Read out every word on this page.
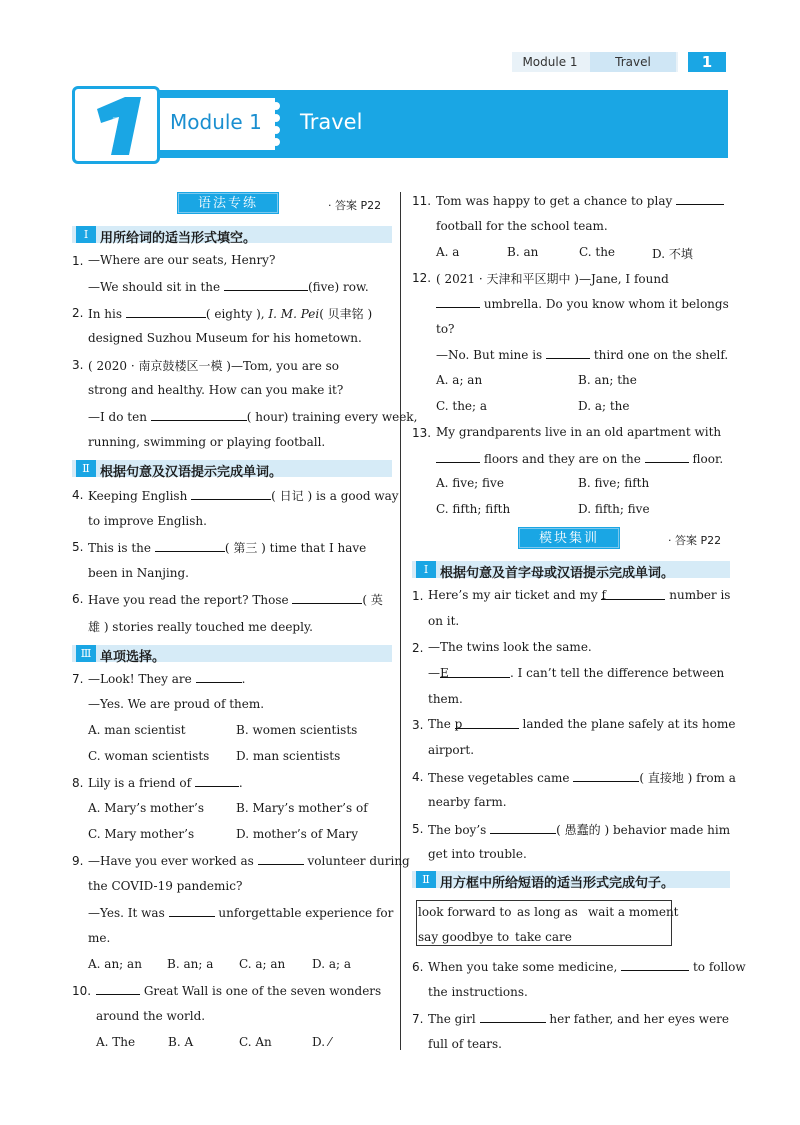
Module 1	Travel	1
Module 1 Travel
语法专练	· 答案 P22
Ⅰ 用所给词的适当形式填空。
1. —Where are our seats, Henry?
—We should sit in the	(five) row.
2. In his	( eighty ), I. M. Pei( 贝聿铭 )
designed Suzhou Museum for his hometown.
3. ( 2020 · 南京鼓楼区一模 )—Tom, you are so
strong and healthy. How can you make it?
—I do ten	( hour) training every week,
running, swimming or playing football.
Ⅱ 根据句意及汉语提示完成单词。
4. Keeping English	( 日记 ) is a good way
to improve English.
5. This is the	( 第三 ) time that I have
been in Nanjing.
6. Have you read the report? Those	( 英
雄 ) stories really touched me deeply.
Ⅲ 单项选择。
7. —Look! They are	.
—Yes. We are proud of them.
A. man scientist	B. women scientists
C. woman scientists D. man scientists
8. Lily is a friend of	.
A. Mary’s mother’s	B. Mary’s mother’s of
C. Mary mother’s	D. mother’s of Mary
9. —Have you ever worked as	volunteer during
the COVID-19 pandemic?
—Yes. It was	unforgettable experience for
me.
A. an; an B. an; a C. a; an D. a; a
10.	Great Wall is one of the seven wonders
around the world.
A. The	B. A	C. An	D. ⁄
11. Tom was happy to get a chance to play
football for the school team.
A. a	B. an	C. the	D. 不填
12. ( 2021 · 天津和平区期中 )—Jane, I found
umbrella. Do you know whom it belongs
to?
—No. But mine is	third one on the shelf.
A. a; an	B. an; the
C. the; a	D. a; the
13. My grandparents live in an old apartment with
floors and they are on the	floor.
A. five; five	B. five; fifth
C. fifth; fifth	D. fifth; five
模块集训	· 答案 P22
Ⅰ 根据句意及首字母或汉语提示完成单词。
1. Here’s my air ticket and my f	number is
on it.
2. —The twins look the same.
—E	. I can’t tell the difference between
them.
3. The p	landed the plane safely at its home
airport.
4. These vegetables came	( 直接地 ) from a
nearby farm.
5. The boy’s	( 愚蠢的 ) behavior made him
get into trouble.
Ⅱ 用方框中所给短语的适当形式完成句子。
look forward to as long as wait a moment
say goodbye to take care
6. When you take some medicine,	to follow
the instructions.
7. The girl	her father, and her eyes were
full of tears.
